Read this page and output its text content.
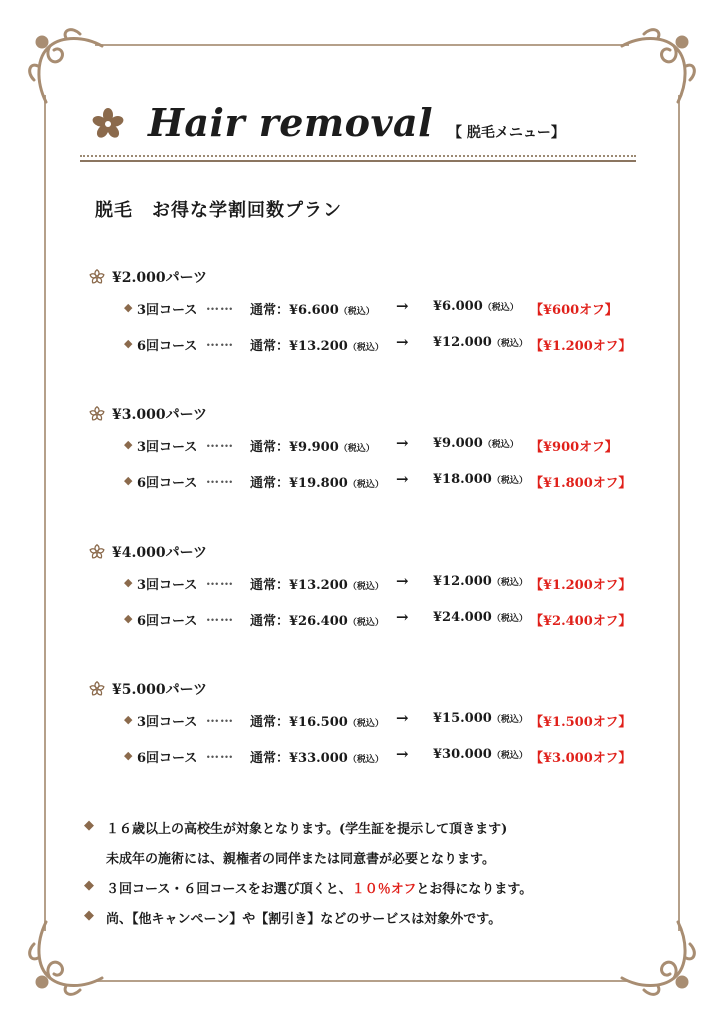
Hair removal 【 脱毛メニュー】
脱毛　お得な学割回数プラン
¥2.000パーツ
◆ 3回コース …… 通常：¥6.600（税込） → ¥6.000（税込） 【¥600オフ】
◆ 6回コース …… 通常：¥13.200（税込） → ¥12.000（税込） 【¥1.200オフ】
¥3.000パーツ
◆ 3回コース …… 通常：¥9.900（税込） → ¥9.000（税込） 【¥900オフ】
◆ 6回コース …… 通常：¥19.800（税込） → ¥18.000（税込） 【¥1.800オフ】
¥4.000パーツ
◆ 3回コース …… 通常：¥13.200（税込） → ¥12.000（税込） 【¥1.200オフ】
◆ 6回コース …… 通常：¥26.400（税込） → ¥24.000（税込） 【¥2.400オフ】
¥5.000パーツ
◆ 3回コース …… 通常：¥16.500（税込） → ¥15.000（税込） 【¥1.500オフ】
◆ 6回コース …… 通常：¥33.000（税込） → ¥30.000（税込） 【¥3.000オフ】
◆ １６歳以上の高校生が対象となります。(学生証を提示して頂きます)
未成年の施術には、親権者の同伴または同意書が必要となります。
◆ ３回コース・６回コースをお選び頂くと、１０％オフとお得になります。
◆ 尚、【他キャンペーン】や【割引き】などのサービスは対象外です。
